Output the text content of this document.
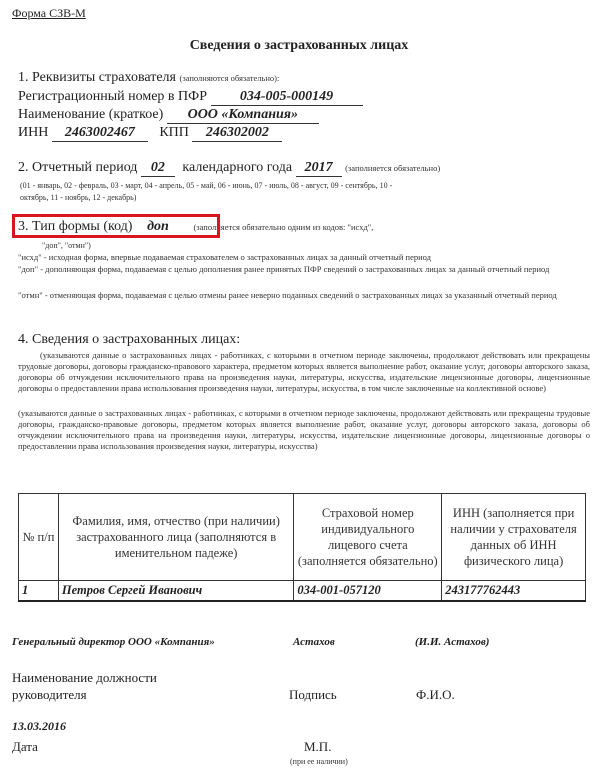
Форма СЗВ-М
Сведения о застрахованных лицах
1. Реквизиты страхователя (заполняются обязательно):
Регистрационный номер в ПФР 034-005-000149
Наименование (краткое) ООО «Компания»
ИНН 2463002467 КПП 246302002
2. Отчетный период 02 календарного года 2017 (заполняется обязательно)
(01 - январь, 02 - февраль, 03 - март, 04 - апрель, 05 - май, 06 - июнь, 07 - июль, 08 - август, 09 - сентябрь, 10 -
октябрь, 11 - ноябрь, 12 - декабрь)
3. Тип формы (код) доп	(заполняется обязательно одним из кодов: "исхд",
"доп", "отмн")
"исхд" - исходная форма, впервые подаваемая страхователем о застрахованных лицах за данный отчетный период
"доп" - дополняющая форма, подаваемая с целью дополнения ранее принятых ПФР сведений о застрахованных лицах за данный отчетный период
"отмн" - отменяющая форма, подаваемая с целью отмены ранее неверно поданных сведений о застрахованных лицах за указанный отчетный период
4. Сведения о застрахованных лицах:
(указываются данные о застрахованных лицах - работниках, с которыми в отчетном периоде заключены, продолжают действовать или прекращены трудовые договоры, договоры гражданско-правового характера, предметом которых является выполнение работ, оказание услуг, договоры авторского заказа, договоры об отчуждении исключительного права на произведения науки, литературы, искусства, издательские лицензионные договоры, лицензионные договоры о предоставлении права использования произведения науки, литературы, искусства, в том числе заключенные на коллективной основе)
(указываются данные о застрахованных лицах - работниках, с которыми в отчетном периоде заключены, продолжают действовать или прекращены трудовые договоры, гражданско-правовые договоры, предметом которых является выполнение работ, оказание услуг, договоры авторского заказа, договоры об отчуждении исключительного права на произведения науки, литературы, искусства, издательские лицензионные договоры, лицензионные договоры о предоставлении права использования произведения науки, литературы, искусства)
№ п/п	Фамилия, имя, отчество (при наличии) застрахованного лица (заполняются в именительном падеже)	Страховой номер индивидуального лицевого счета (заполняется обязательно)	ИНН (заполняется при наличии у страхователя данных об ИНН физического лица)
1	Петров Сергей Иванович	034-001-057120	243177762443
Генеральный директор ООО «Компания»	Астахов	(И.И. Астахов)
Наименование должности
руководителя	Подпись	Ф.И.О.
13.03.2016
Дата	М.П.
(при ее наличии)
